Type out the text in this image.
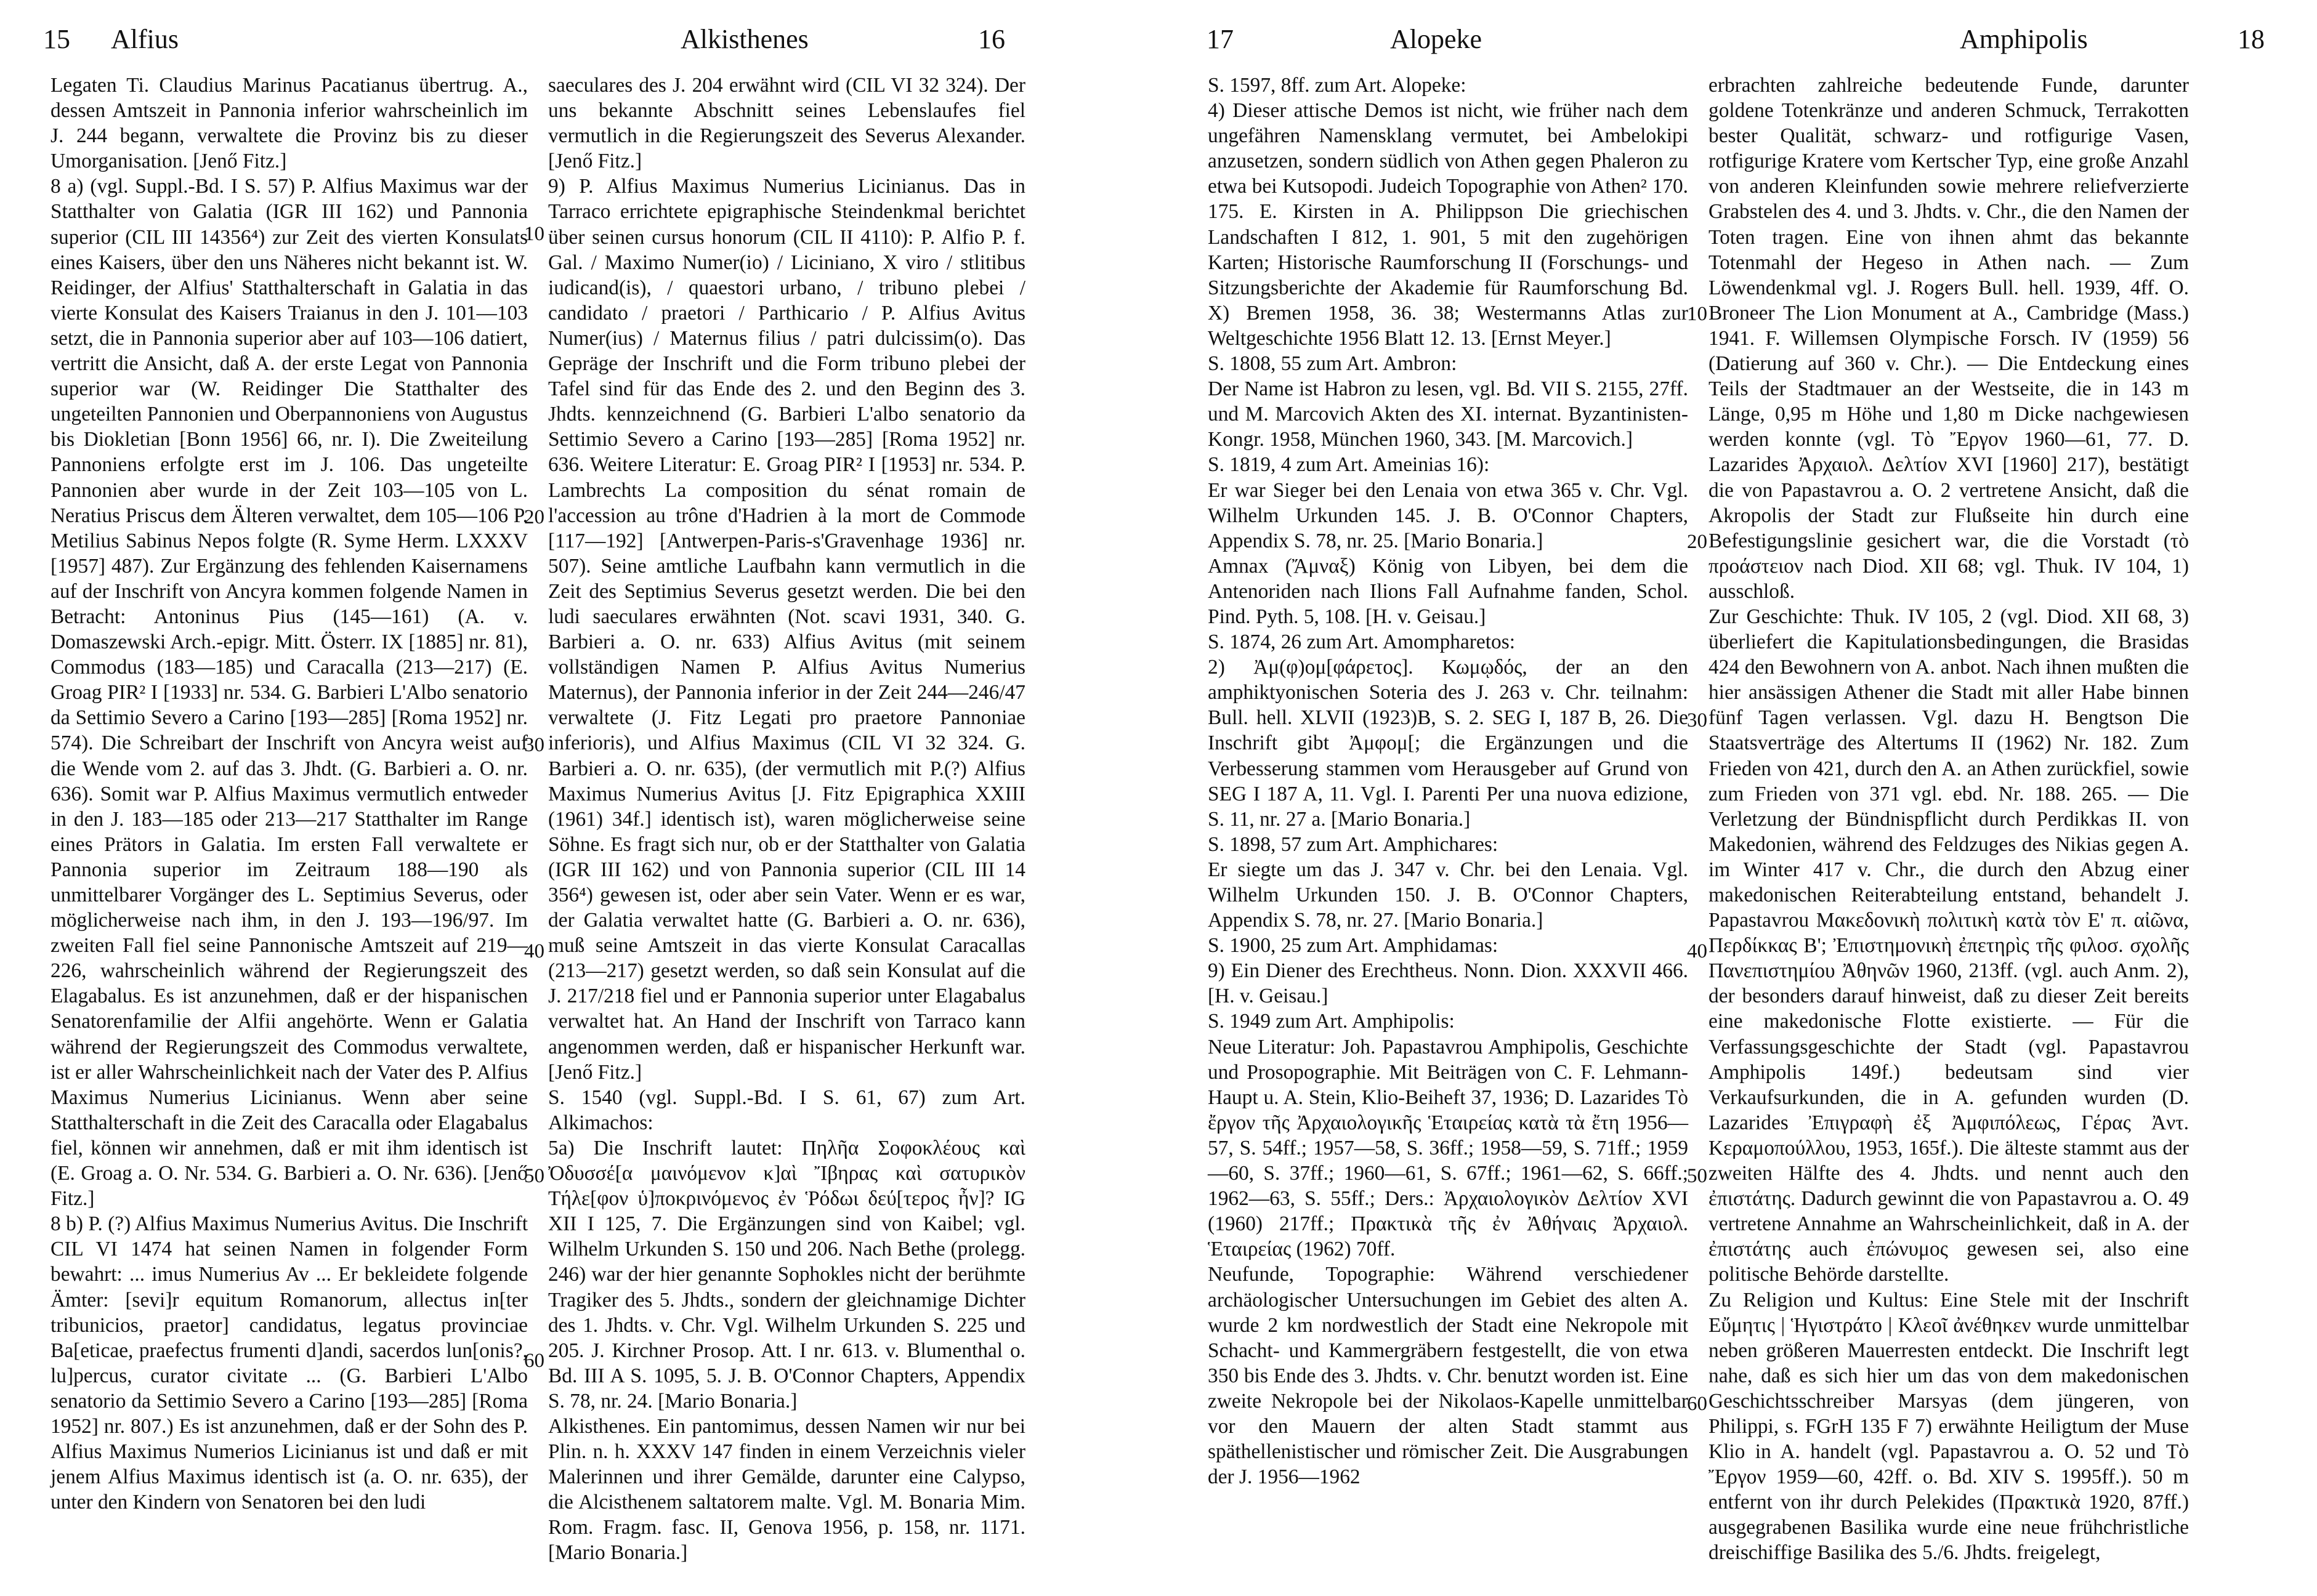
15 Alfius	Alkisthenes	16

Legaten Ti. Claudius Marinus Pacatianus übertrug. A., dessen Amtszeit in Pannonia inferior wahrscheinlich im J. 244 begann, verwaltete die Provinz bis zu dieser Umorganisation. [Jenő Fitz.]

8 a) (vgl. Suppl.-Bd. I S. 57) P. Alfius Maximus war der Statthalter von Galatia (IGR III 162) und Pannonia superior (CIL III 14356⁴) zur Zeit des vierten Konsulats eines Kaisers, über den uns Näheres nicht bekannt ist. W. Reidinger, der Alfius' Statthalterschaft in Galatia in das vierte Konsulat des Kaisers Traianus in den J. 101—103 setzt, die in Pannonia superior aber auf 103—106 datiert, vertritt die Ansicht, daß A. der erste Legat von Pannonia superior war (W. Reidinger Die Statthalter des ungeteilten Pannonien und Oberpannoniens von Augustus bis Diokletian [Bonn 1956] 66, nr. I). Die Zweiteilung Pannoniens erfolgte erst im J. 106. Das ungeteilte Pannonien aber wurde in der Zeit 103—105 von L. Neratius Priscus dem Älteren verwaltet, dem 105—106 P. Metilius Sabinus Nepos folgte (R. Syme Herm. LXXXV [1957] 487). Zur Ergänzung des fehlenden Kaisernamens auf der Inschrift von Ancyra kommen folgende Namen in Betracht: Antoninus Pius (145—161) (A. v. Domaszewski Arch.-epigr. Mitt. Österr. IX [1885] nr. 81), Commodus (183—185) und Caracalla (213—217) (E. Groag PIR² I [1933] nr. 534. G. Barbieri L'Albo senatorio da Settimio Severo a Carino [193—285] [Roma 1952] nr. 574). Die Schreibart der Inschrift von Ancyra weist auf die Wende vom 2. auf das 3. Jhdt. (G. Barbieri a. O. nr. 636). Somit war P. Alfius Maximus vermutlich entweder in den J. 183—185 oder 213—217 Statthalter im Range eines Prätors in Galatia. Im ersten Fall verwaltete er Pannonia superior im Zeitraum 188—190 als unmittelbarer Vorgänger des L. Septimius Severus, oder möglicherweise nach ihm, in den J. 193—196/97. Im zweiten Fall fiel seine Pannonische Amtszeit auf 219—226, wahrscheinlich während der Regierungszeit des Elagabalus. Es ist anzunehmen, daß er der hispanischen Senatorenfamilie der Alfii angehörte. Wenn er Galatia während der Regierungszeit des Commodus verwaltete, ist er aller Wahrscheinlichkeit nach der Vater des P. Alfius Maximus Numerius Licinianus. Wenn aber seine Statthalterschaft in die Zeit des Caracalla oder Elagabalus fiel, können wir annehmen, daß er mit ihm identisch ist (E. Groag a. O. Nr. 534. G. Barbieri a. O. Nr. 636). [Jenő Fitz.]

8 b) P. (?) Alfius Maximus Numerius Avitus. Die Inschrift CIL VI 1474 hat seinen Namen in folgender Form bewahrt: ... imus Numerius Av ... Er bekleidete folgende Ämter: [sevi]r equitum Romanorum, allectus in[ter tribunicios, praetor] candidatus, legatus provinciae Ba[eticae, praefectus frumenti d]andi, sacerdos lun[onis?, lu]percus, curator civitate ... (G. Barbieri L'Albo senatorio da Settimio Severo a Carino [193—285] [Roma 1952] nr. 807.) Es ist anzunehmen, daß er der Sohn des P. Alfius Maximus Numerios Licinianus ist und daß er mit jenem Alfius Maximus identisch ist (a. O. nr. 635), der unter den Kindern von Senatoren bei den ludi

10
20
30
40
50
60

saeculares des J. 204 erwähnt wird (CIL VI 32 324). Der uns bekannte Abschnitt seines Lebenslaufes fiel vermutlich in die Regierungszeit des Severus Alexander. [Jenő Fitz.]

9) P. Alfius Maximus Numerius Licinianus. Das in Tarraco errichtete epigraphische Steindenkmal berichtet über seinen cursus honorum (CIL II 4110): P. Alfio P. f. Gal. / Maximo Numer(io) / Liciniano, X viro / stlitibus iudicand(is), / quaestori urbano, / tribuno plebei / candidato / praetori / Parthicario / P. Alfius Avitus Numer(ius) / Maternus filius / patri dulcissim(o). Das Gepräge der Inschrift und die Form tribuno plebei der Tafel sind für das Ende des 2. und den Beginn des 3. Jhdts. kennzeichnend (G. Barbieri L'albo senatorio da Settimio Severo a Carino [193—285] [Roma 1952] nr. 636. Weitere Literatur: E. Groag PIR² I [1953] nr. 534. P. Lambrechts La composition du sénat romain de l'accession au trône d'Hadrien à la mort de Commode [117—192] [Antwerpen-Paris-s'Gravenhage 1936] nr. 507). Seine amtliche Laufbahn kann vermutlich in die Zeit des Septimius Severus gesetzt werden. Die bei den ludi saeculares erwähnten (Not. scavi 1931, 340. G. Barbieri a. O. nr. 633) Alfius Avitus (mit seinem vollständigen Namen P. Alfius Avitus Numerius Maternus), der Pannonia inferior in der Zeit 244—246/47 verwaltete (J. Fitz Legati pro praetore Pannoniae inferioris), und Alfius Maximus (CIL VI 32 324. G. Barbieri a. O. nr. 635), (der vermutlich mit P.(?) Alfius Maximus Numerius Avitus [J. Fitz Epigraphica XXIII (1961) 34f.] identisch ist), waren möglicherweise seine Söhne. Es fragt sich nur, ob er der Statthalter von Galatia (IGR III 162) und von Pannonia superior (CIL III 14 356⁴) gewesen ist, oder aber sein Vater. Wenn er es war, der Galatia verwaltet hatte (G. Barbieri a. O. nr. 636), muß seine Amtszeit in das vierte Konsulat Caracallas (213—217) gesetzt werden, so daß sein Konsulat auf die J. 217/218 fiel und er Pannonia superior unter Elagabalus verwaltet hat. An Hand der Inschrift von Tarraco kann angenommen werden, daß er hispanischer Herkunft war. [Jenő Fitz.]

S. 1540 (vgl. Suppl.-Bd. I S. 61, 67) zum Art. Alkimachos:

5a) Die Inschrift lautet: Πηλῆα Σοφοκλέους καὶ Ὀδυσσέ[α μαινόμενον κ]αὶ Ἴβηρας καὶ σατυρικὸν Τήλε[φον ὑ]ποκρινόμενος ἐν Ῥόδωι δεύ[τερος ἦν]? IG XII I 125, 7. Die Ergänzungen sind von Kaibel; vgl. Wilhelm Urkunden S. 150 und 206. Nach Bethe (prolegg. 246) war der hier genannte Sophokles nicht der berühmte Tragiker des 5. Jhdts., sondern der gleichnamige Dichter des 1. Jhdts. v. Chr. Vgl. Wilhelm Urkunden S. 225 und 205. J. Kirchner Prosop. Att. I nr. 613. v. Blumenthal o. Bd. III A S. 1095, 5. J. B. O'Connor Chapters, Appendix S. 78, nr. 24. [Mario Bonaria.]

Alkisthenes. Ein pantomimus, dessen Namen wir nur bei Plin. n. h. XXXV 147 finden in einem Verzeichnis vieler Malerinnen und ihrer Gemälde, darunter eine Calypso, die Alcisthenem saltatorem malte. Vgl. M. Bonaria Mim. Rom. Fragm. fasc. II, Genova 1956, p. 158, nr. 1171. [Mario Bonaria.]

17	Alopeke	Amphipolis	18

S. 1597, 8ff. zum Art. Alopeke:

4) Dieser attische Demos ist nicht, wie früher nach dem ungefähren Namensklang vermutet, bei Ambelokipi anzusetzen, sondern südlich von Athen gegen Phaleron zu etwa bei Kutsopodi. Judeich Topographie von Athen² 170. 175. E. Kirsten in A. Philippson Die griechischen Landschaften I 812, 1. 901, 5 mit den zugehörigen Karten; Historische Raumforschung II (Forschungs- und Sitzungsberichte der Akademie für Raumforschung Bd. X) Bremen 1958, 36. 38; Westermanns Atlas zur Weltgeschichte 1956 Blatt 12. 13. [Ernst Meyer.]

S. 1808, 55 zum Art. Ambron:

Der Name ist Habron zu lesen, vgl. Bd. VII S. 2155, 27ff. und M. Marcovich Akten des XI. internat. Byzantinisten-Kongr. 1958, München 1960, 343. [M. Marcovich.]

S. 1819, 4 zum Art. Ameinias 16):

Er war Sieger bei den Lenaia von etwa 365 v. Chr. Vgl. Wilhelm Urkunden 145. J. B. O'Connor Chapters, Appendix S. 78, nr. 25. [Mario Bonaria.]

Amnax (Ἄμναξ) König von Libyen, bei dem die Antenoriden nach Ilions Fall Aufnahme fanden, Schol. Pind. Pyth. 5, 108. [H. v. Geisau.]

S. 1874, 26 zum Art. Amompharetos:

2) Ἀμ(φ)ομ[φάρετος]. Κωμῳδός, der an den amphiktyonischen Soteria des J. 263 v. Chr. teilnahm: Bull. hell. XLVII (1923)B, S. 2. SEG I, 187 B, 26. Die Inschrift gibt Ἀμφομ[; die Ergänzungen und die Verbesserung stammen vom Herausgeber auf Grund von SEG I 187 A, 11. Vgl. I. Parenti Per una nuova edizione, S. 11, nr. 27 a. [Mario Bonaria.]

S. 1898, 57 zum Art. Amphichares:

Er siegte um das J. 347 v. Chr. bei den Lenaia. Vgl. Wilhelm Urkunden 150. J. B. O'Connor Chapters, Appendix S. 78, nr. 27. [Mario Bonaria.]

S. 1900, 25 zum Art. Amphidamas:

9) Ein Diener des Erechtheus. Nonn. Dion. XXXVII 466. [H. v. Geisau.]

S. 1949 zum Art. Amphipolis:

Neue Literatur: Joh. Papastavrou Amphipolis, Geschichte und Prosopographie. Mit Beiträgen von C. F. Lehmann-Haupt u. A. Stein, Klio-Beiheft 37, 1936; D. Lazarides Τὸ ἔργον τῆς Ἀρχαιολογικῆς Ἑταιρείας κατὰ τὰ ἔτη 1956—57, S. 54ff.; 1957—58, S. 36ff.; 1958—59, S. 71ff.; 1959—60, S. 37ff.; 1960—61, S. 67ff.; 1961—62, S. 66ff.; 1962—63, S. 55ff.; Ders.: Ἀρχαιολογικὸν Δελτίον XVI (1960) 217ff.; Πρακτικὰ τῆς ἐν Ἀθήναις Ἀρχαιολ. Ἑταιρείας (1962) 70ff.

Neufunde, Topographie: Während verschiedener archäologischer Untersuchungen im Gebiet des alten A. wurde 2 km nordwestlich der Stadt eine Nekropole mit Schacht- und Kammergräbern festgestellt, die von etwa 350 bis Ende des 3. Jhdts. v. Chr. benutzt worden ist. Eine zweite Nekropole bei der Nikolaos-Kapelle unmittelbar vor den Mauern der alten Stadt stammt aus späthellenistischer und römischer Zeit. Die Ausgrabungen der J. 1956—1962

10
20
30
40
50
60

erbrachten zahlreiche bedeutende Funde, darunter goldene Totenkränze und anderen Schmuck, Terrakotten bester Qualität, schwarz- und rotfigurige Vasen, rotfigurige Kratere vom Kertscher Typ, eine große Anzahl von anderen Kleinfunden sowie mehrere reliefverzierte Grabstelen des 4. und 3. Jhdts. v. Chr., die den Namen der Toten tragen. Eine von ihnen ahmt das bekannte Totenmahl der Hegeso in Athen nach. — Zum Löwendenkmal vgl. J. Rogers Bull. hell. 1939, 4ff. O. Broneer The Lion Monument at A., Cambridge (Mass.) 1941. F. Willemsen Olympische Forsch. IV (1959) 56 (Datierung auf 360 v. Chr.). — Die Entdeckung eines Teils der Stadtmauer an der Westseite, die in 143 m Länge, 0,95 m Höhe und 1,80 m Dicke nachgewiesen werden konnte (vgl. Τὸ Ἔργον 1960—61, 77. D. Lazarides Ἀρχαιολ. Δελτίον XVI [1960] 217), bestätigt die von Papastavrou a. O. 2 vertretene Ansicht, daß die Akropolis der Stadt zur Flußseite hin durch eine Befestigungslinie gesichert war, die die Vorstadt (τὸ προάστειον nach Diod. XII 68; vgl. Thuk. IV 104, 1) ausschloß.

Zur Geschichte: Thuk. IV 105, 2 (vgl. Diod. XII 68, 3) überliefert die Kapitulationsbedingungen, die Brasidas 424 den Bewohnern von A. anbot. Nach ihnen mußten die hier ansässigen Athener die Stadt mit aller Habe binnen fünf Tagen verlassen. Vgl. dazu H. Bengtson Die Staatsverträge des Altertums II (1962) Nr. 182. Zum Frieden von 421, durch den A. an Athen zurückfiel, sowie zum Frieden von 371 vgl. ebd. Nr. 188. 265. — Die Verletzung der Bündnispflicht durch Perdikkas II. von Makedonien, während des Feldzuges des Nikias gegen A. im Winter 417 v. Chr., die durch den Abzug einer makedonischen Reiterabteilung entstand, behandelt J. Papastavrou Μακεδονικὴ πολιτικὴ κατὰ τὸν Ε' π. αἰῶνα, Περδίκκας Β'; Ἐπιστημονικὴ ἐπετηρὶς τῆς φιλοσ. σχολῆς Πανεπιστημίου Ἀθηνῶν 1960, 213ff. (vgl. auch Anm. 2), der besonders darauf hinweist, daß zu dieser Zeit bereits eine makedonische Flotte existierte. — Für die Verfassungsgeschichte der Stadt (vgl. Papastavrou Amphipolis 149f.) bedeutsam sind vier Verkaufsurkunden, die in A. gefunden wurden (D. Lazarides Ἐπιγραφὴ ἐξ Ἀμφιπόλεως, Γέρας Ἀντ. Κεραμοπούλλου, 1953, 165f.). Die älteste stammt aus der zweiten Hälfte des 4. Jhdts. und nennt auch den ἐπιστάτης. Dadurch gewinnt die von Papastavrou a. O. 49 vertretene Annahme an Wahrscheinlichkeit, daß in A. der ἐπιστάτης auch ἐπώνυμος gewesen sei, also eine politische Behörde darstellte.

Zu Religion und Kultus: Eine Stele mit der Inschrift Εὔμητις | Ἡγιστράτο | Κλεοῖ ἀνέθηκεν wurde unmittelbar neben größeren Mauerresten entdeckt. Die Inschrift legt nahe, daß es sich hier um das von dem makedonischen Geschichtsschreiber Marsyas (dem jüngeren, von Philippi, s. FGrH 135 F 7) erwähnte Heiligtum der Muse Klio in A. handelt (vgl. Papastavrou a. O. 52 und Τὸ Ἔργον 1959—60, 42ff. o. Bd. XIV S. 1995ff.). 50 m entfernt von ihr durch Pelekides (Πρακτικὰ 1920, 87ff.) ausgegrabenen Basilika wurde eine neue frühchristliche dreischiffige Basilika des 5./6. Jhdts. freigelegt,
